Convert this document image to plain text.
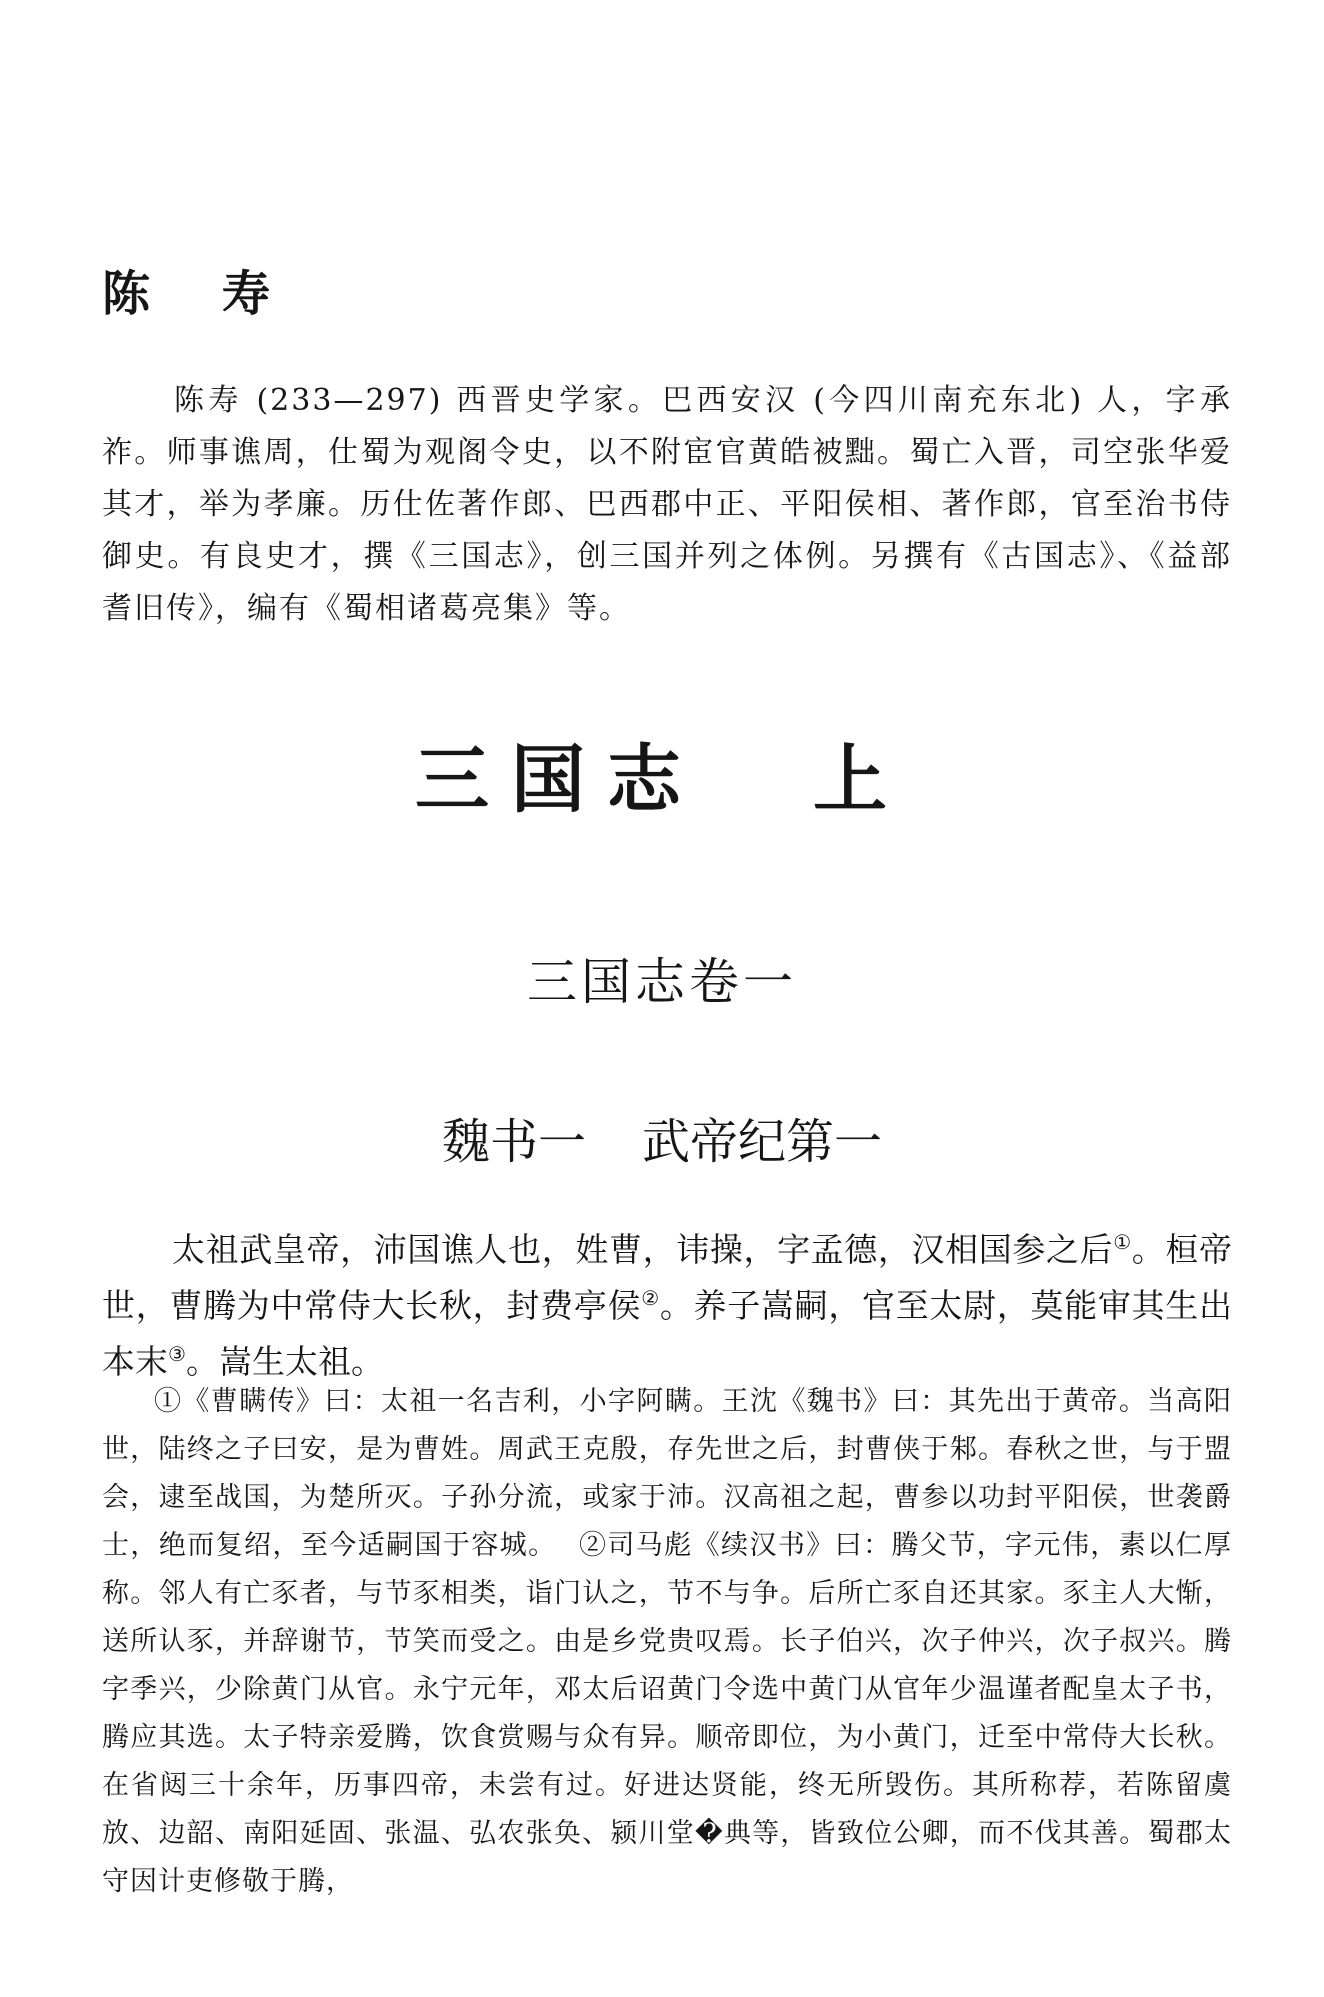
陈寿

陈寿 (233—297) 西晋史学家。巴西安汉 (今四川南充东北) 人，字承祚。师事谯周，仕蜀为观阁令史，以不附宦官黄皓被黜。蜀亡入晋，司空张华爱其才，举为孝廉。历仕佐著作郎、巴西郡中正、平阳侯相、著作郎，官至治书侍御史。有良史才，撰《三国志》，创三国并列之体例。另撰有《古国志》、《益部耆旧传》，编有《蜀相诸葛亮集》等。

三国志 上
三国志卷一
魏书一 武帝纪第一

太祖武皇帝，沛国谯人也，姓曹，讳操，字孟德，汉相国参之后①。桓帝世，曹腾为中常侍大长秋，封费亭侯②。养子嵩嗣，官至太尉，莫能审其生出本末③。嵩生太祖。

①《曹瞒传》曰：太祖一名吉利，小字阿瞒。王沈《魏书》曰：其先出于黄帝。当高阳世，陆终之子曰安，是为曹姓。周武王克殷，存先世之后，封曹侠于邾。春秋之世，与于盟会，逮至战国，为楚所灭。子孙分流，或家于沛。汉高祖之起，曹参以功封平阳侯，世袭爵士，绝而复绍，至今适嗣国于容城。 ②司马彪《续汉书》曰：腾父节，字元伟，素以仁厚称。邻人有亡豕者，与节豕相类，诣门认之，节不与争。后所亡豕自还其家。豕主人大惭，送所认豕，并辞谢节，节笑而受之。由是乡党贵叹焉。长子伯兴，次子仲兴，次子叔兴。腾字季兴，少除黄门从官。永宁元年，邓太后诏黄门令选中黄门从官年少温谨者配皇太子书，腾应其选。太子特亲爱腾，饮食赏赐与众有异。顺帝即位，为小黄门，迁至中常侍大长秋。在省闼三十余年，历事四帝，未尝有过。好进达贤能，终无所毁伤。其所称荐，若陈留虞放、边韶、南阳延固、张温、弘农张奂、颍川堂�典等，皆致位公卿，而不伐其善。蜀郡太守因计吏修敬于腾，
